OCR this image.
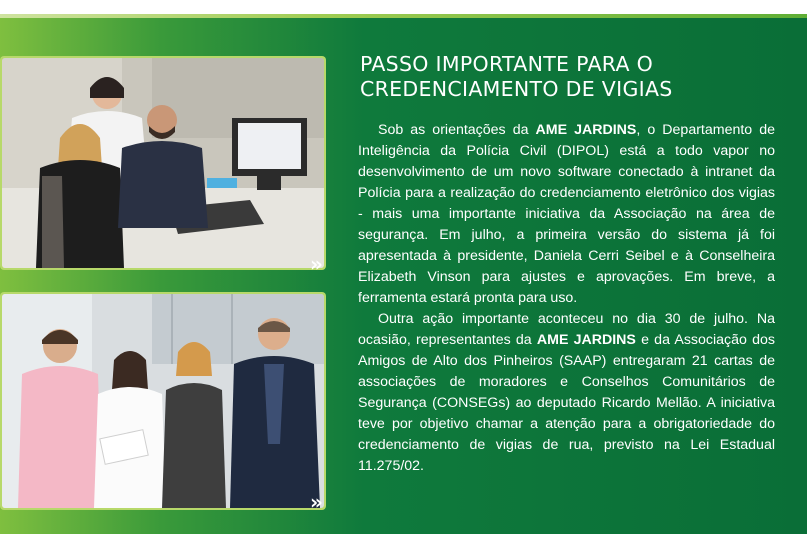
»
»
PASSO IMPORTANTE PARA O
CREDENCIAMENTO DE VIGIAS

Sob as orientações da AME JARDINS, o Departamento de Inteligência da Polícia Civil (DIPOL) está a todo vapor no desenvolvimento de um novo software conectado à intranet da Polícia para a realização do credenciamento eletrônico dos vigias - mais uma importante iniciativa da Associação na área de segurança. Em julho, a primeira versão do sistema já foi apresentada à presidente, Daniela Cerri Seibel e à Conselheira Elizabeth Vinson para ajustes e aprovações. Em breve, a ferramenta estará pronta para uso.

Outra ação importante aconteceu no dia 30 de julho. Na ocasião, representantes da AME JARDINS e da Associação dos Amigos de Alto dos Pinheiros (SAAP) entregaram 21 cartas de associações de moradores e Conselhos Comunitários de Segurança (CONSEGs) ao deputado Ricardo Mellão. A iniciativa teve por objetivo chamar a atenção para a obrigatoriedade do credenciamento de vigias de rua, previsto na Lei Estadual 11.275/02.
